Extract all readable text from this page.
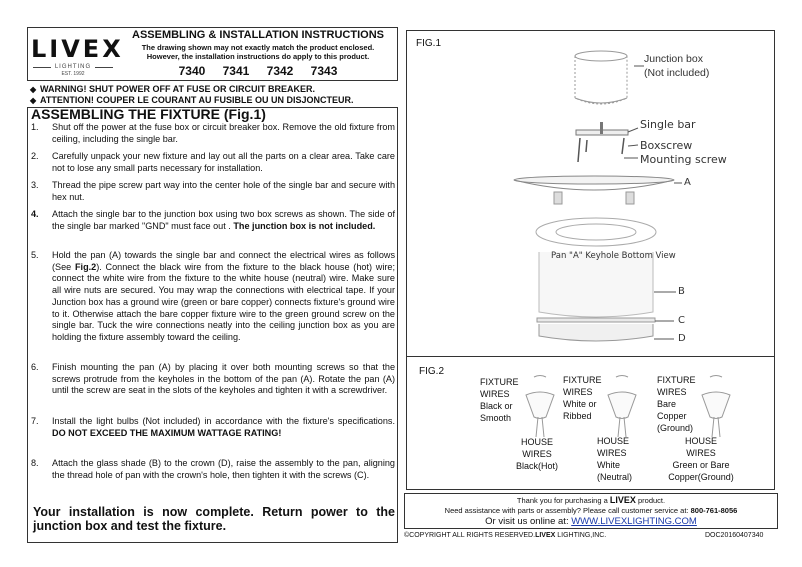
LIVEX
LIGHTING
EST. 1992
ASSEMBLING & INSTALLATION INSTRUCTIONS
The drawing shown may not exactly match the product enclosed.
However, the installation instructions do apply to this product.
7340 7341 7342 7343
◆ WARNING! SHUT POWER OFF AT FUSE OR CIRCUIT BREAKER.
◆ ATTENTION! COUPER LE COURANT AU FUSIBLE OU UN DISJONCTEUR.
ASSEMBLING THE FIXTURE (Fig.1)
1.	Shut off the power at the fuse box or circuit breaker box. Remove the old fixture from ceiling, including the single bar.
2.	Carefully unpack your new fixture and lay out all the parts on a clear area. Take care not to lose any small parts necessary for installation.
3.	Thread the pipe screw part way into the center hole of the single bar and secure with hex nut.
4.	Attach the single bar to the junction box using two box screws as shown. The side of the single bar marked "GND" must face out . The junction box is not included.
5.	Hold the pan (A) towards the single bar and connect the electrical wires as follows (See Fig.2). Connect the black wire from the fixture to the black house (hot) wire; connect the white wire from the fixture to the white house (neutral) wire. Make sure all wire nuts are secured. You may wrap the connections with electrical tape. If your Junction box has a ground wire (green or bare copper) connects fixture's ground wire to it. Otherwise attach the bare copper fixture wire to the green ground screw on the single bar. Tuck the wire connections neatly into the ceiling junction box as you are holding the fixture assembly toward the ceiling.
6.	Finish mounting the pan (A) by placing it over both mounting screws so that the screws protrude from the keyholes in the bottom of the pan (A). Rotate the pan (A) until the screw are seat in the slots of the keyholes and tighten it with a screwdriver.
7.	Install the light bulbs (Not included) in accordance with the fixture's specifications. DO NOT EXCEED THE MAXIMUM WATTAGE RATING!
8.	Attach the glass shade (B) to the crown (D), raise the assembly to the pan, aligning the thread hole of pan with the crown's hole, then tighten it with the screws (C).
Your installation is now complete. Return power to the junction box and test the fixture.
FIG.1
FIG.2
Junction box
(Not included)
Single bar
Boxscrew
Mounting screw
A
Pan "A" Keyhole Bottom View
B
C
D
FIXTURE
WIRES
Black or
Smooth
HOUSE
WIRES
Black(Hot)
FIXTURE
WIRES
White or
Ribbed
HOUSE
WIRES
White
(Neutral)
FIXTURE
WIRES
Bare
Copper
(Ground)
HOUSE
WIRES
Green or Bare
Copper(Ground)
Thank you for purchasing a LIVEX product.
Need assistance with parts or assembly? Please call customer service at: 800-761-8056
Or visit us online at: WWW.LIVEXLIGHTING.COM
©COPYRIGHT ALL RIGHTS RESERVED.LIVEX LIGHTING,INC.	DOC20160407340
